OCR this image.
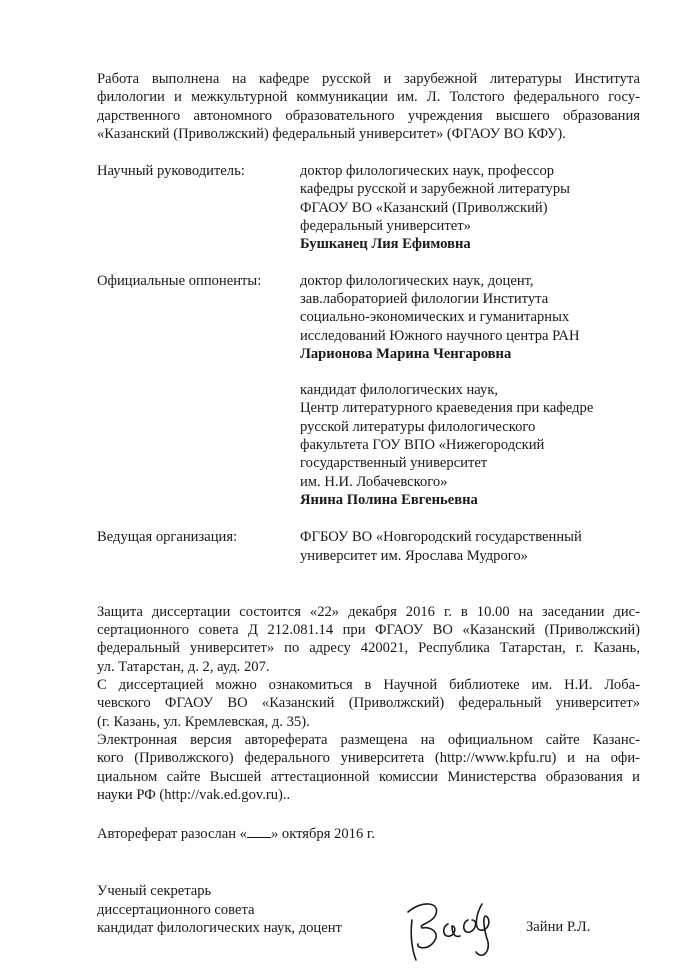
Работа выполнена на кафедре русской и зарубежной литературы Института
филологии и межкультурной коммуникации им. Л. Толстого федерального госу-
дарственного автономного образовательного учреждения высшего образования
«Казанский (Приволжский) федеральный университет» (ФГАОУ ВО КФУ).
Научный руководитель:	доктор филологических наук, профессор
кафедры русской и зарубежной литературы
ФГАОУ ВО «Казанский (Приволжский)
федеральный университет»
Бушканец Лия Ефимовна
Официальные оппоненты:	доктор филологических наук, доцент,
зав.лабораторией филологии Института
социально-экономических и гуманитарных
исследований Южного научного центра РАН
Ларионова Марина Ченгаровна
кандидат филологических наук,
Центр литературного краеведения при кафедре
русской литературы филологического
факультета ГОУ ВПО «Нижегородский
государственный университет
им. Н.И. Лобачевского»
Янина Полина Евгеньевна
Ведущая организация:	ФГБОУ ВО «Новгородский государственный
университет им. Ярослава Мудрого»
Защита диссертации состоится «22» декабря 2016 г. в 10.00 на заседании дис-
сертационного совета Д 212.081.14 при ФГАОУ ВО «Казанский (Приволжский)
федеральный университет» по адресу 420021, Республика Татарстан, г. Казань,
ул. Татарстан, д. 2, ауд. 207.
С диссертацией можно ознакомиться в Научной библиотеке им. Н.И. Лоба-
чевского ФГАОУ ВО «Казанский (Приволжский) федеральный университет»
(г. Казань, ул. Кремлевская, д. 35).
Электронная версия автореферата размещена на официальном сайте Казанс-
кого (Приволжского) федерального университета (http://www.kpfu.ru) и на офи-
циальном сайте Высшей аттестационной комиссии Министерства образования и
науки РФ (http://vak.ed.gov.ru)..
Автореферат разослан « » октября 2016 г.
Ученый секретарь
диссертационного совета
кандидат филологических наук, доцент	Зайни Р.Л.
